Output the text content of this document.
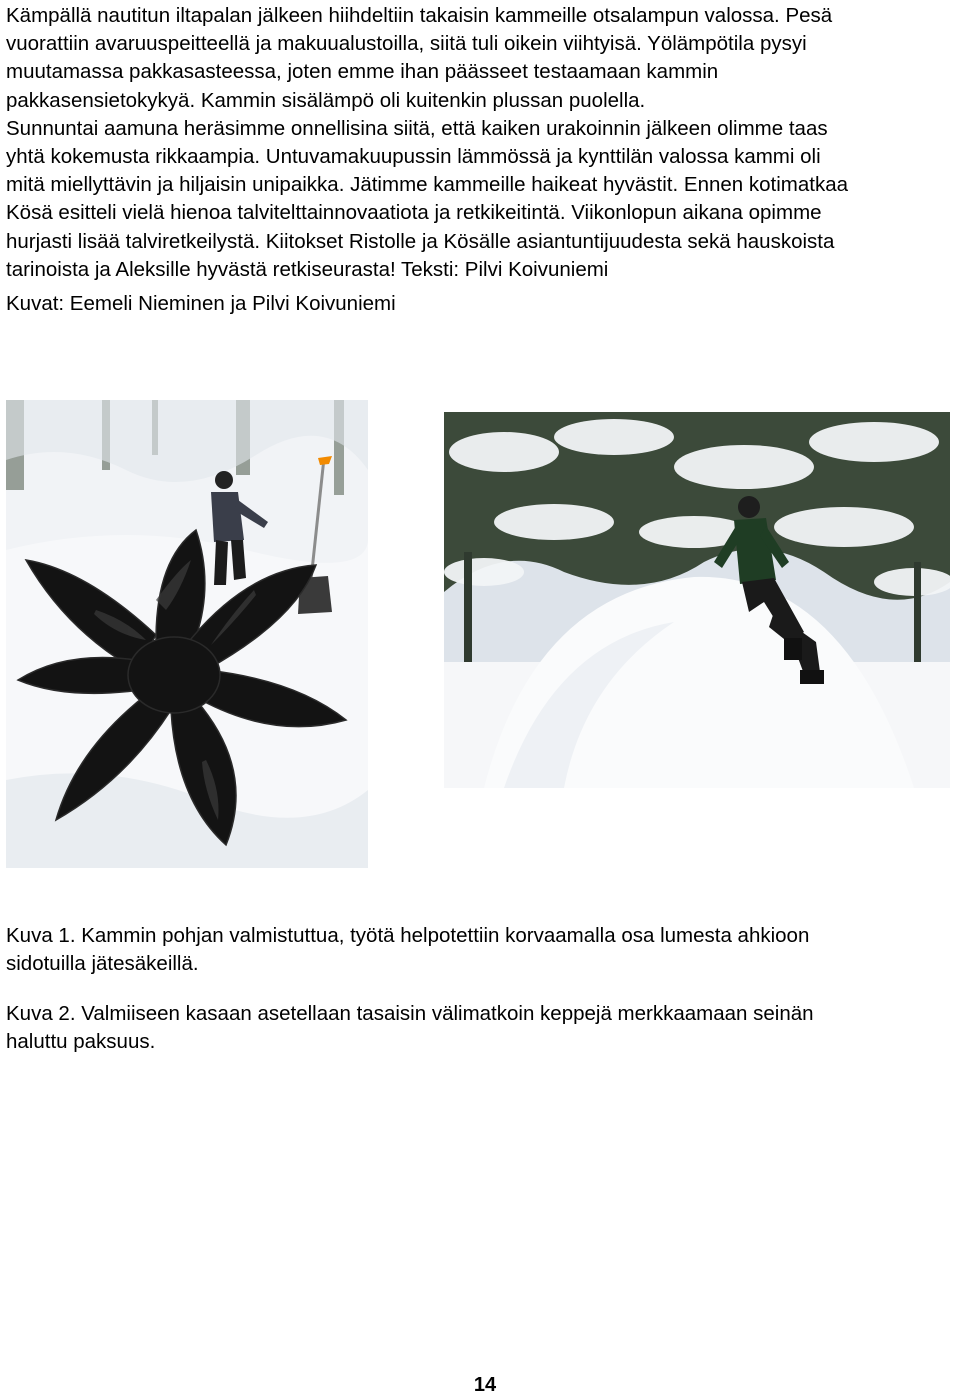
Kämpällä nautitun iltapalan jälkeen hiihdeltiin takaisin kammeille otsalampun valossa. Pesä
vuorattiin avaruuspeitteellä ja makuualustoilla, siitä tuli oikein viihtyisä. Yölämpötila pysyi
muutamassa pakkasasteessa, joten emme ihan päässeet testaamaan kammin
pakkasensietokykyä. Kammin sisälämpö oli kuitenkin plussan puolella.
Sunnuntai aamuna heräsimme onnellisina siitä, että kaiken urakoinnin jälkeen olimme taas
yhtä kokemusta rikkaampia. Untuvamakuupussin lämmössä ja kynttilän valossa kammi oli
mitä miellyttävin ja hiljaisin unipaikka. Jätimme kammeille haikeat hyvästit. Ennen kotimatkaa
Kösä esitteli vielä hienoa talvitelttainnovaatiota ja retkikeitintä. Viikonlopun aikana opimme
hurjasti lisää talviretkeilystä. Kiitokset Ristolle ja Kösälle asiantuntijuudesta sekä hauskoista
tarinoista ja Aleksille hyvästä retkiseurasta! Teksti: Pilvi Koivuniemi

Kuvat: Eemeli Nieminen ja Pilvi Koivuniemi

Kuva 1. Kammin pohjan valmistuttua, työtä helpotettiin korvaamalla osa lumesta ahkioon
sidotuilla jätesäkeillä.

Kuva 2. Valmiiseen kasaan asetellaan tasaisin välimatkoin keppejä merkkaamaan seinän
haluttu paksuus.

14
